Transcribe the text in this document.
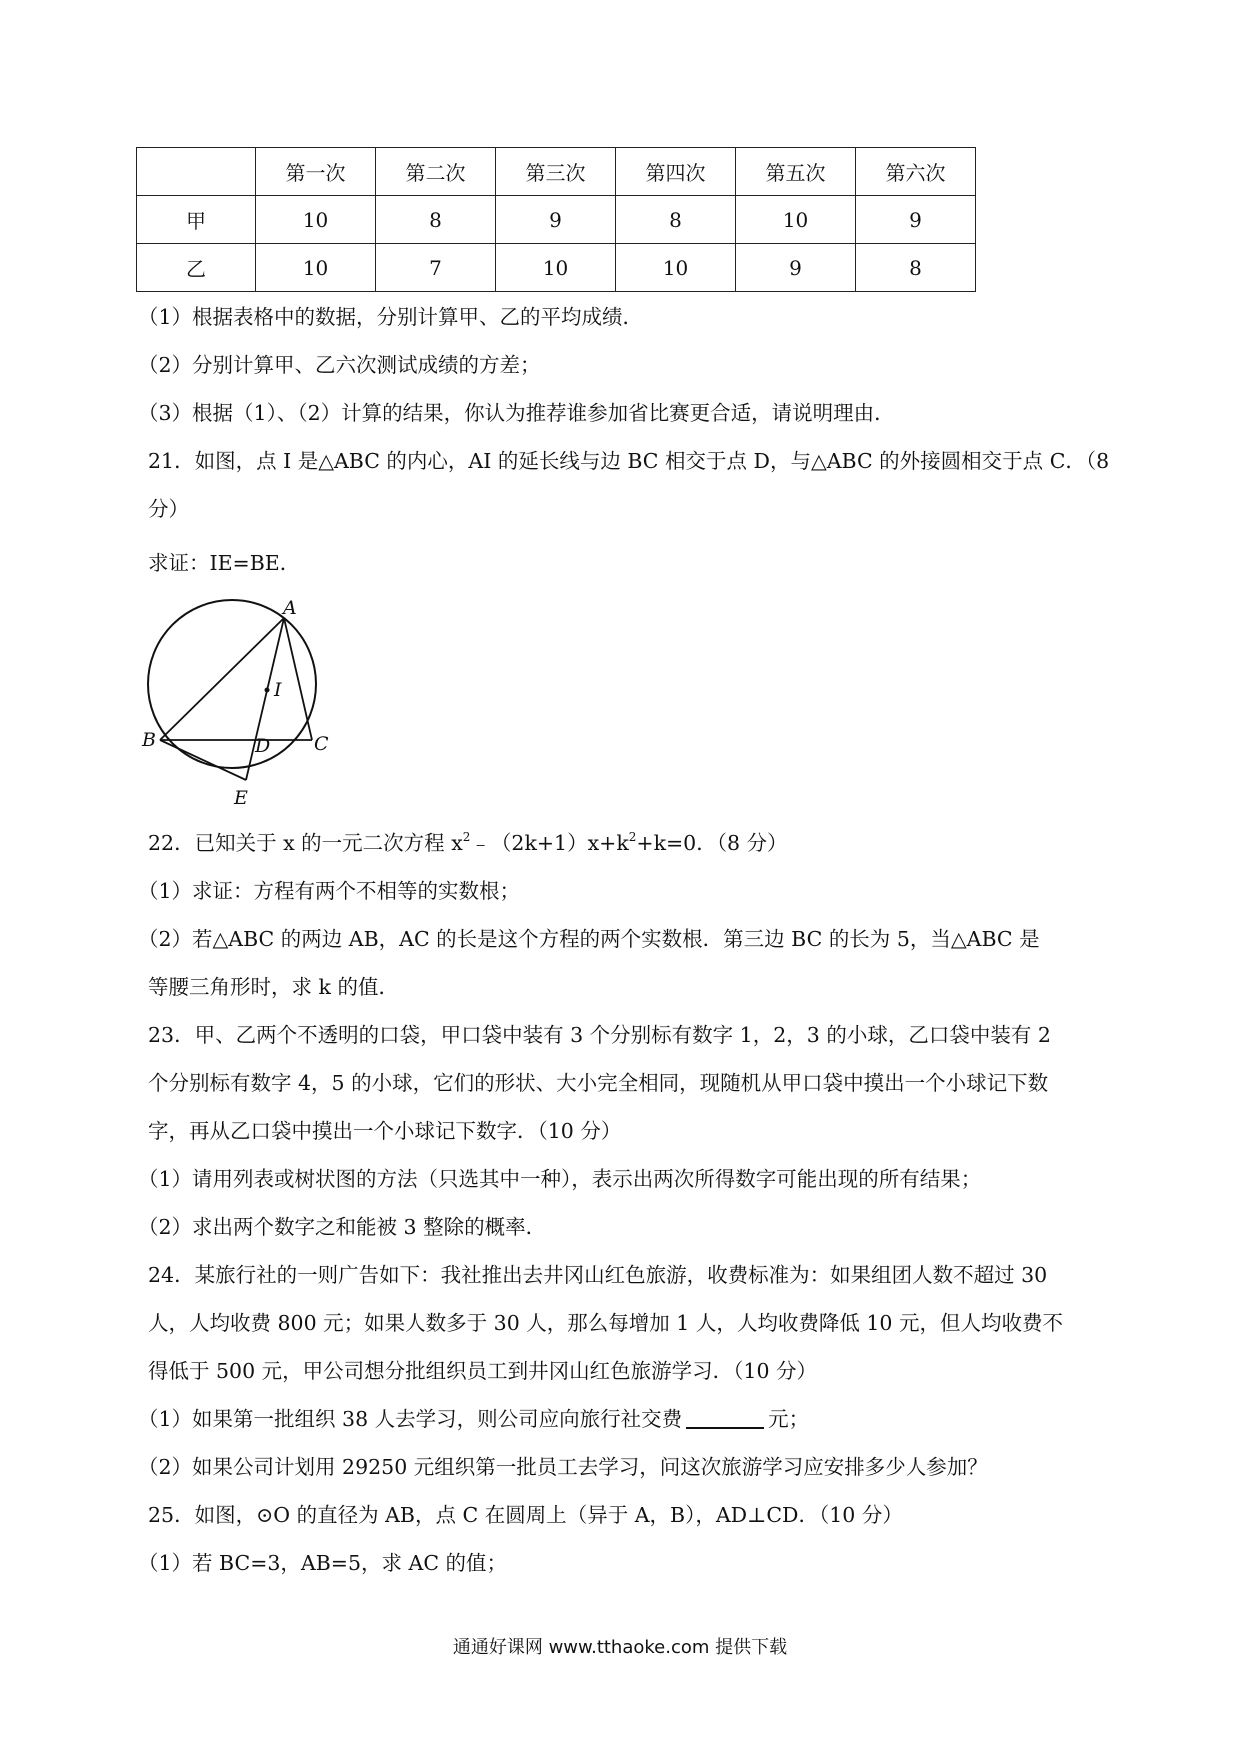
	第一次	第二次	第三次	第四次	第五次	第六次
甲	10	8	9	8	10	9
乙	10	7	10	10	9	8
（1）根据表格中的数据，分别计算甲、乙的平均成绩．
（2）分别计算甲、乙六次测试成绩的方差；
（3）根据（1）、（2）计算的结果，你认为推荐谁参加省比赛更合适，请说明理由．
21．如图，点 I 是△ABC 的内心，AI 的延长线与边 BC 相交于点 D，与△ABC 的外接圆相交于点 C．（8
分）
求证：IE=BE．
A
B	C
D
E
I
22．已知关于 x 的一元二次方程 $x^2﹣(2k+1)x+k^2+k=0$．（8 分）
（1）求证：方程有两个不相等的实数根；
（2）若△ABC 的两边 AB，AC 的长是这个方程的两个实数根．第三边 BC 的长为 5，当△ABC 是
等腰三角形时，求 k 的值．
23．甲、乙两个不透明的口袋，甲口袋中装有 3 个分别标有数字 1，2，3 的小球，乙口袋中装有 2
个分别标有数字 4，5 的小球，它们的形状、大小完全相同，现随机从甲口袋中摸出一个小球记下数
字，再从乙口袋中摸出一个小球记下数字．（10 分）
（1）请用列表或树状图的方法（只选其中一种），表示出两次所得数字可能出现的所有结果；
（2）求出两个数字之和能被 3 整除的概率．
24．某旅行社的一则广告如下：我社推出去井冈山红色旅游，收费标准为：如果组团人数不超过 30
人，人均收费 800 元；如果人数多于 30 人，那么每增加 1 人，人均收费降低 10 元，但人均收费不
得低于 500 元，甲公司想分批组织员工到井冈山红色旅游学习．（10 分）
（1）如果第一批组织 38 人去学习，则公司应向旅行社交费	元；
（2）如果公司计划用 29250 元组织第一批员工去学习，问这次旅游学习应安排多少人参加？
25．如图，⊙O 的直径为 AB，点 C 在圆周上（异于 A，B），AD⊥CD．（10 分）
（1）若 BC=3，AB=5，求 AC 的值；
通通好课网 www.tthaoke.com 提供下载
